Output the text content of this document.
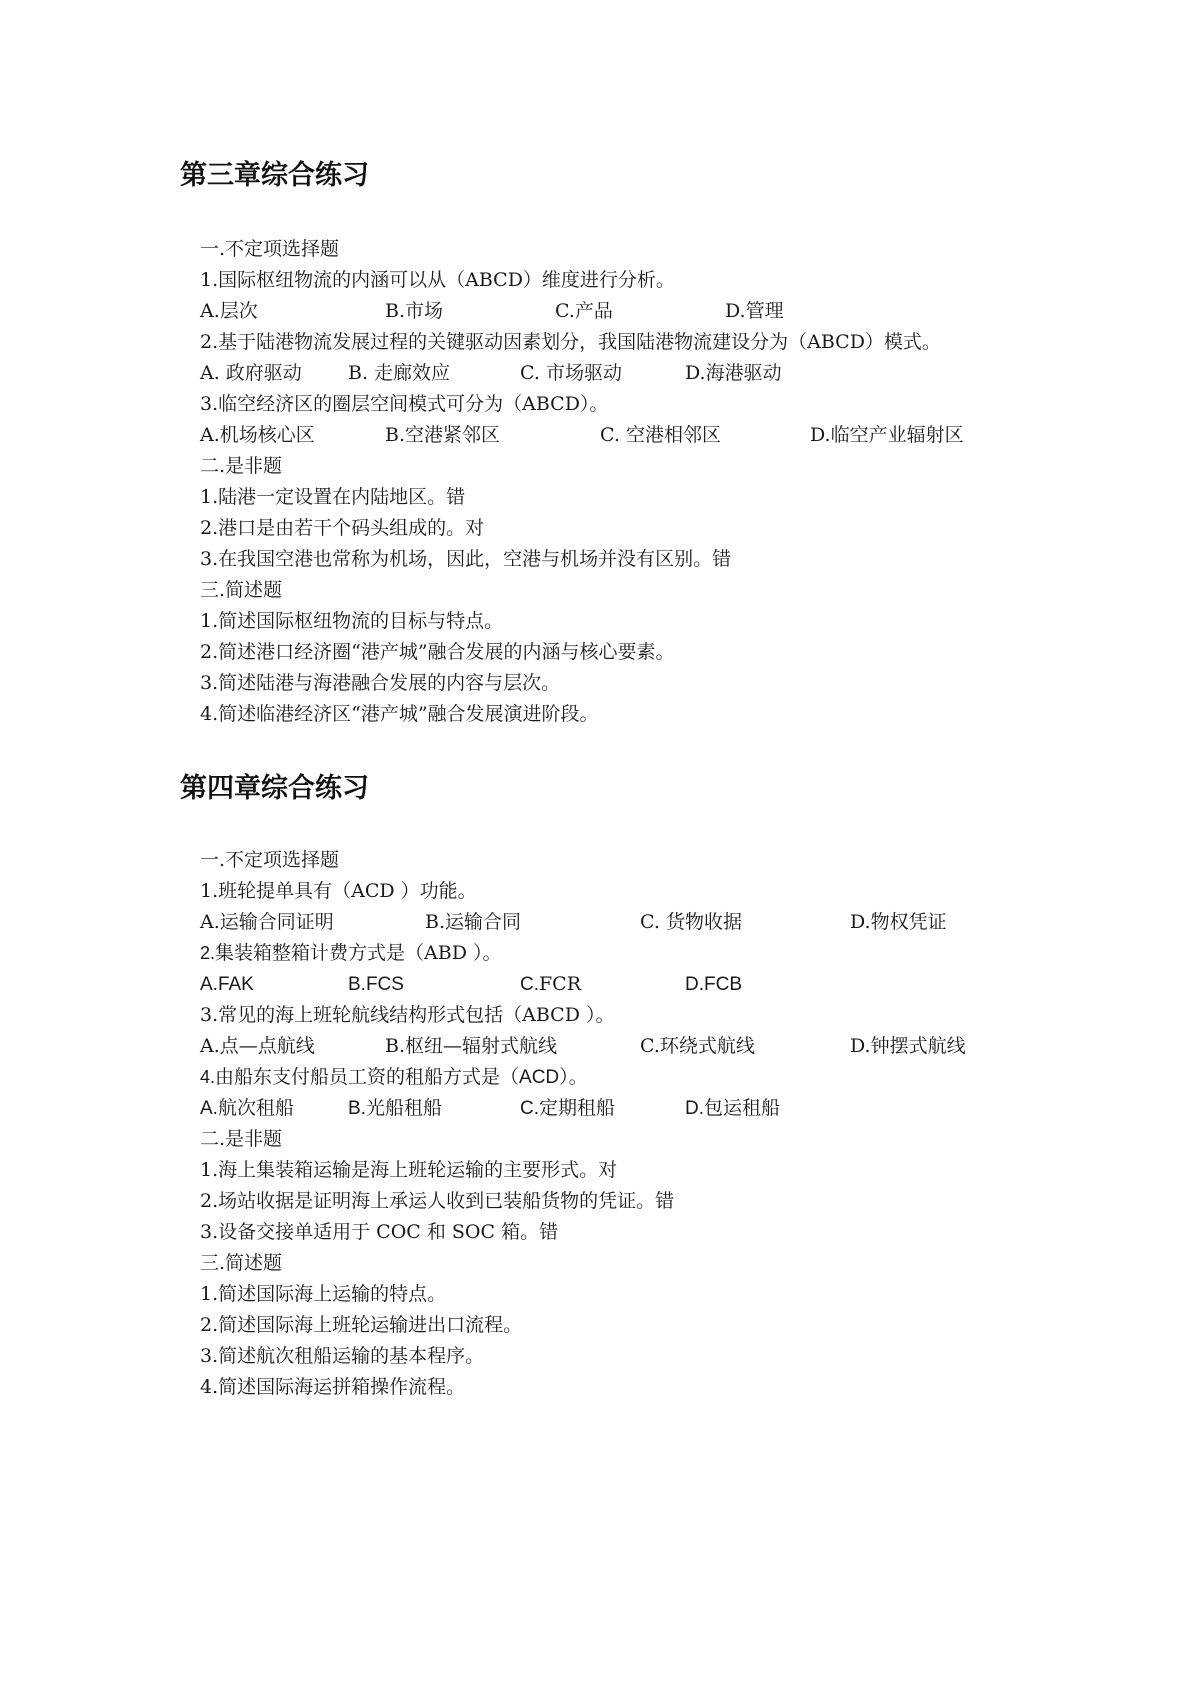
第三章综合练习
一.不定项选择题
1.国际枢纽物流的内涵可以从（ABCD）维度进行分析。
A.层次	B.市场	C.产品	D.管理
2.基于陆港物流发展过程的关键驱动因素划分，我国陆港物流建设分为（ABCD）模式。
A. 政府驱动 B. 走廊效应	C. 市场驱动	D.海港驱动
3.临空经济区的圈层空间模式可分为（ABCD）。
A.机场核心区	B.空港紧邻区	C. 空港相邻区	D.临空产业辐射区
二.是非题
1.陆港一定设置在内陆地区。错
2.港口是由若干个码头组成的。对
3.在我国空港也常称为机场，因此，空港与机场并没有区别。错
三.简述题
1.简述国际枢纽物流的目标与特点。
2.简述港口经济圈“港产城”融合发展的内涵与核心要素。
3.简述陆港与海港融合发展的内容与层次。
4.简述临港经济区“港产城”融合发展演进阶段。
第四章综合练习
一.不定项选择题
1.班轮提单具有（ACD ）功能。
A.运输合同证明	B.运输合同	C. 货物收据	D.物权凭证
2.集装箱整箱计费方式是（ABD ）。
A.FAK	B.FCS	C.FCR	D.FCB
3.常见的海上班轮航线结构形式包括（ABCD ）。
A.点—点航线	B.枢纽—辐射式航线	C.环绕式航线	D.钟摆式航线
4.由船东支付船员工资的租船方式是（ACD）。
A.航次租船	B.光船租船	C.定期租船	D.包运租船
二.是非题
1.海上集装箱运输是海上班轮运输的主要形式。对
2.场站收据是证明海上承运人收到已装船货物的凭证。错
3.设备交接单适用于 COC 和 SOC 箱。错
三.简述题
1.简述国际海上运输的特点。
2.简述国际海上班轮运输进出口流程。
3.简述航次租船运输的基本程序。
4.简述国际海运拼箱操作流程。
